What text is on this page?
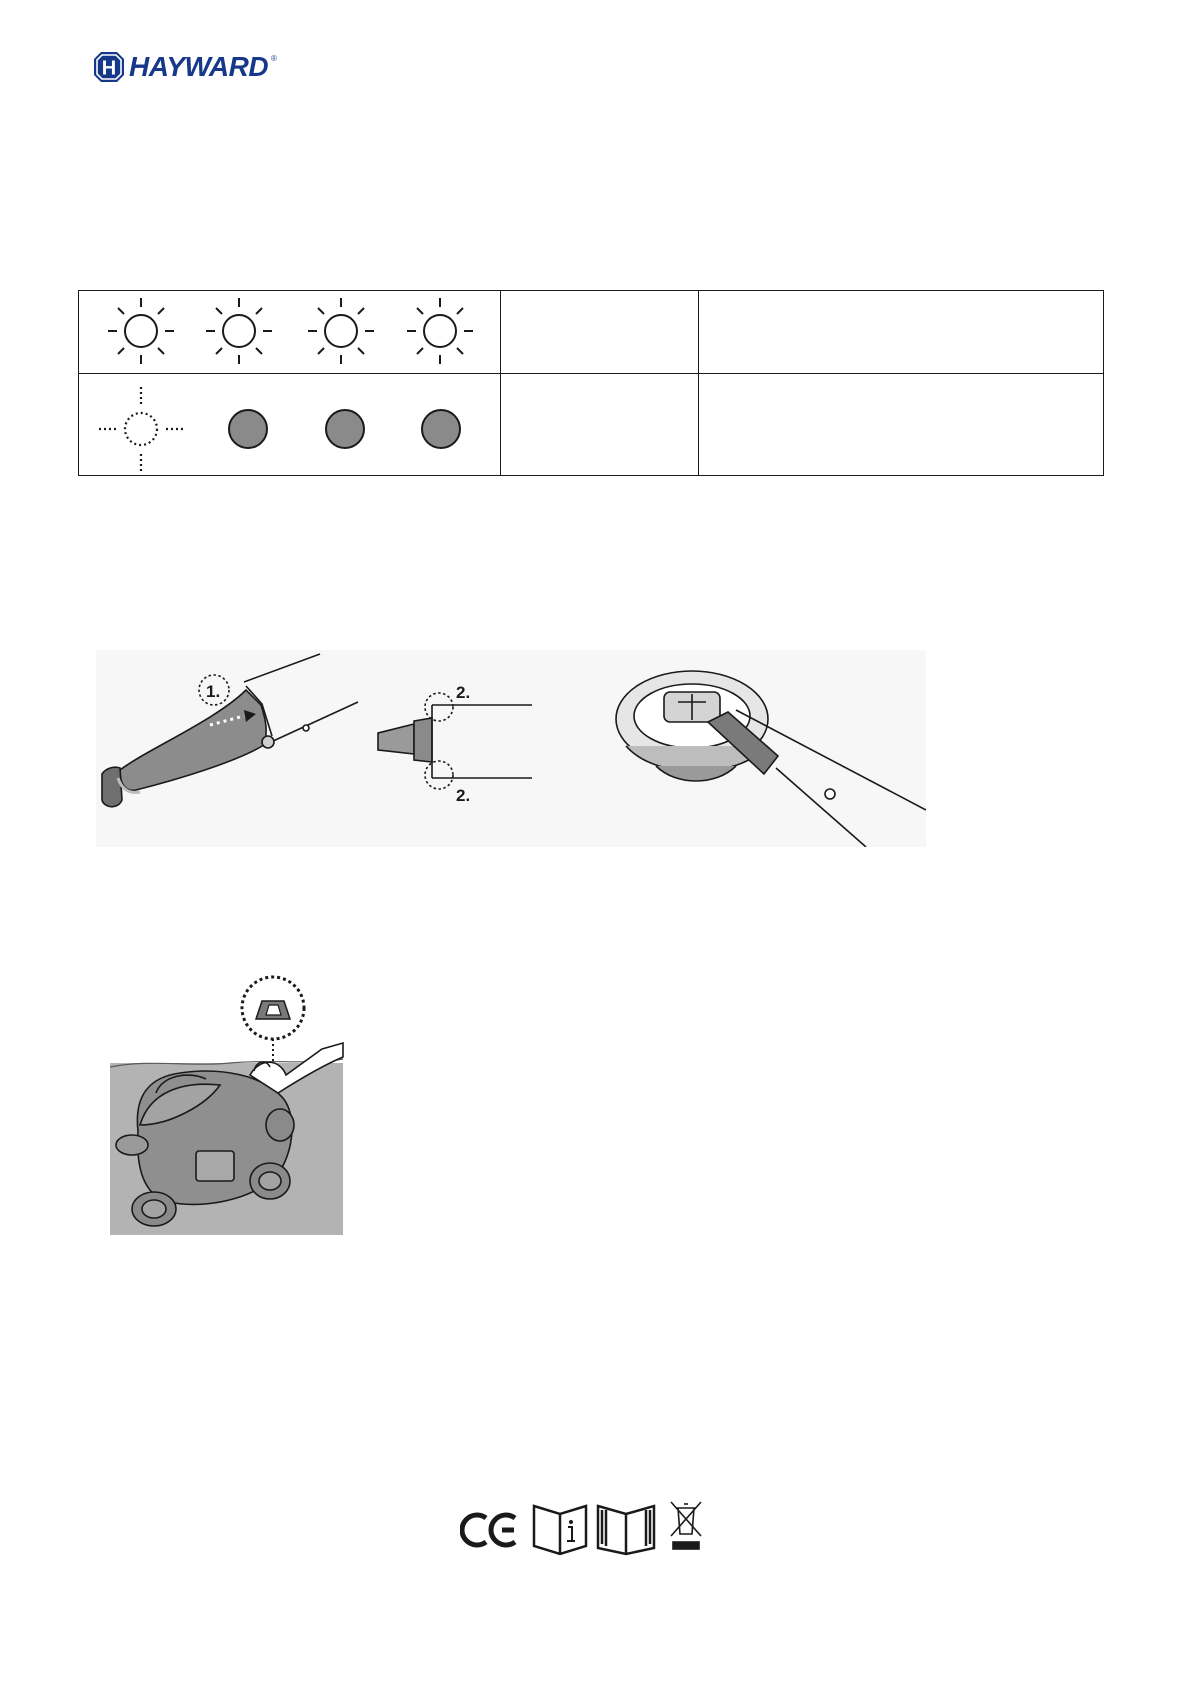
H HAYWARD ®
1.	2.
2.
